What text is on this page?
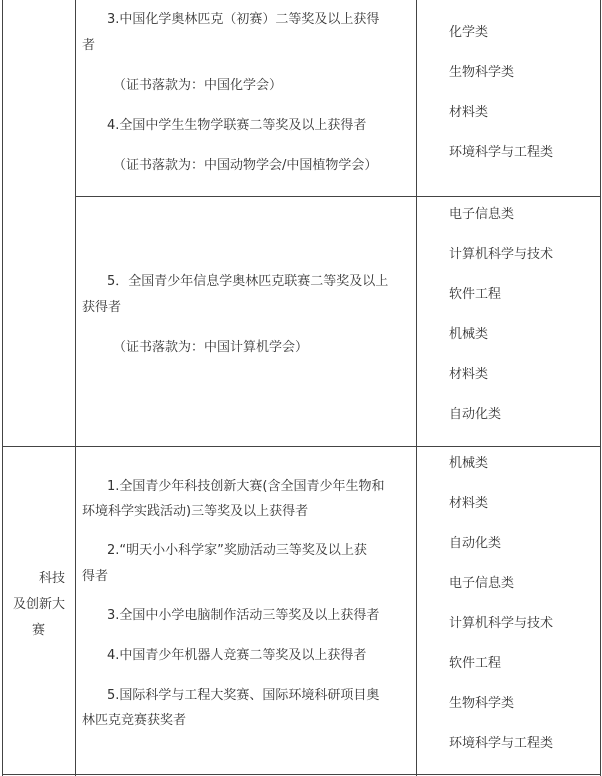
3.中国化学奥林匹克（初赛）二等奖及以上获得
者
（证书落款为：中国化学会）
4.全国中学生生物学联赛二等奖及以上获得者
（证书落款为：中国动物学会/中国植物学会）
化学类
生物科学类
材料类
环境科学与工程类
5．全国青少年信息学奥林匹克联赛二等奖及以上
获得者
（证书落款为：中国计算机学会）
电子信息类
计算机科学与技术
软件工程
机械类
材料类
自动化类
科技
及创新大
赛
1.全国青少年科技创新大赛(含全国青少年生物和
环境科学实践活动)三等奖及以上获得者
2.“明天小小科学家”奖励活动三等奖及以上获
得者
3.全国中小学电脑制作活动三等奖及以上获得者
4.中国青少年机器人竞赛二等奖及以上获得者
5.国际科学与工程大奖赛、国际环境科研项目奥
林匹克竞赛获奖者
机械类
材料类
自动化类
电子信息类
计算机科学与技术
软件工程
生物科学类
环境科学与工程类
